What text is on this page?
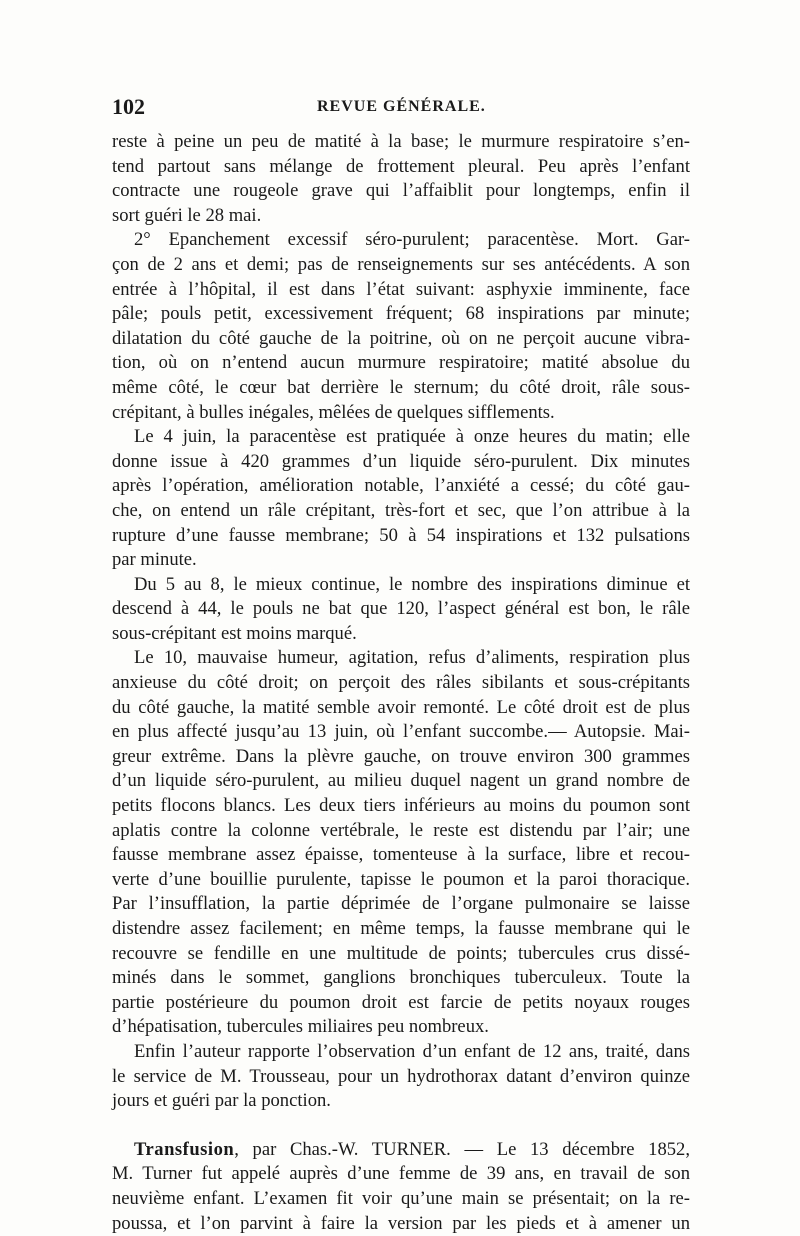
102	REVUE GÉNÉRALE.
reste à peine un peu de matité à la base; le murmure respiratoire s’en-
tend partout sans mélange de frottement pleural. Peu après l’enfant
contracte une rougeole grave qui l’affaiblit pour longtemps, enfin il
sort guéri le 28 mai.
2° Epanchement excessif séro-purulent; paracentèse. Mort. Gar-
çon de 2 ans et demi; pas de renseignements sur ses antécédents. A son
entrée à l’hôpital, il est dans l’état suivant: asphyxie imminente, face
pâle; pouls petit, excessivement fréquent; 68 inspirations par minute;
dilatation du côté gauche de la poitrine, où on ne perçoit aucune vibra-
tion, où on n’entend aucun murmure respiratoire; matité absolue du
même côté, le cœur bat derrière le sternum; du côté droit, râle sous-
crépitant, à bulles inégales, mêlées de quelques sifflements.
Le 4 juin, la paracentèse est pratiquée à onze heures du matin; elle
donne issue à 420 grammes d’un liquide séro-purulent. Dix minutes
après l’opération, amélioration notable, l’anxiété a cessé; du côté gau-
che, on entend un râle crépitant, très-fort et sec, que l’on attribue à la
rupture d’une fausse membrane; 50 à 54 inspirations et 132 pulsations
par minute.
Du 5 au 8, le mieux continue, le nombre des inspirations diminue et
descend à 44, le pouls ne bat que 120, l’aspect général est bon, le râle
sous-crépitant est moins marqué.
Le 10, mauvaise humeur, agitation, refus d’aliments, respiration plus
anxieuse du côté droit; on perçoit des râles sibilants et sous-crépitants
du côté gauche, la matité semble avoir remonté. Le côté droit est de plus
en plus affecté jusqu’au 13 juin, où l’enfant succombe.— Autopsie. Mai-
greur extrême. Dans la plèvre gauche, on trouve environ 300 grammes
d’un liquide séro-purulent, au milieu duquel nagent un grand nombre de
petits flocons blancs. Les deux tiers inférieurs au moins du poumon sont
aplatis contre la colonne vertébrale, le reste est distendu par l’air; une
fausse membrane assez épaisse, tomenteuse à la surface, libre et recou-
verte d’une bouillie purulente, tapisse le poumon et la paroi thoracique.
Par l’insufflation, la partie déprimée de l’organe pulmonaire se laisse
distendre assez facilement; en même temps, la fausse membrane qui le
recouvre se fendille en une multitude de points; tubercules crus dissé-
minés dans le sommet, ganglions bronchiques tuberculeux. Toute la
partie postérieure du poumon droit est farcie de petits noyaux rouges
d’hépatisation, tubercules miliaires peu nombreux.
Enfin l’auteur rapporte l’observation d’un enfant de 12 ans, traité, dans
le service de M. Trousseau, pour un hydrothorax datant d’environ quinze
jours et guéri par la ponction.
Transfusion, par Chas.-W. TURNER. — Le 13 décembre 1852,
M. Turner fut appelé auprès d’une femme de 39 ans, en travail de son
neuvième enfant. L’examen fit voir qu’une main se présentait; on la re-
poussa, et l’on parvint à faire la version par les pieds et à amener un
